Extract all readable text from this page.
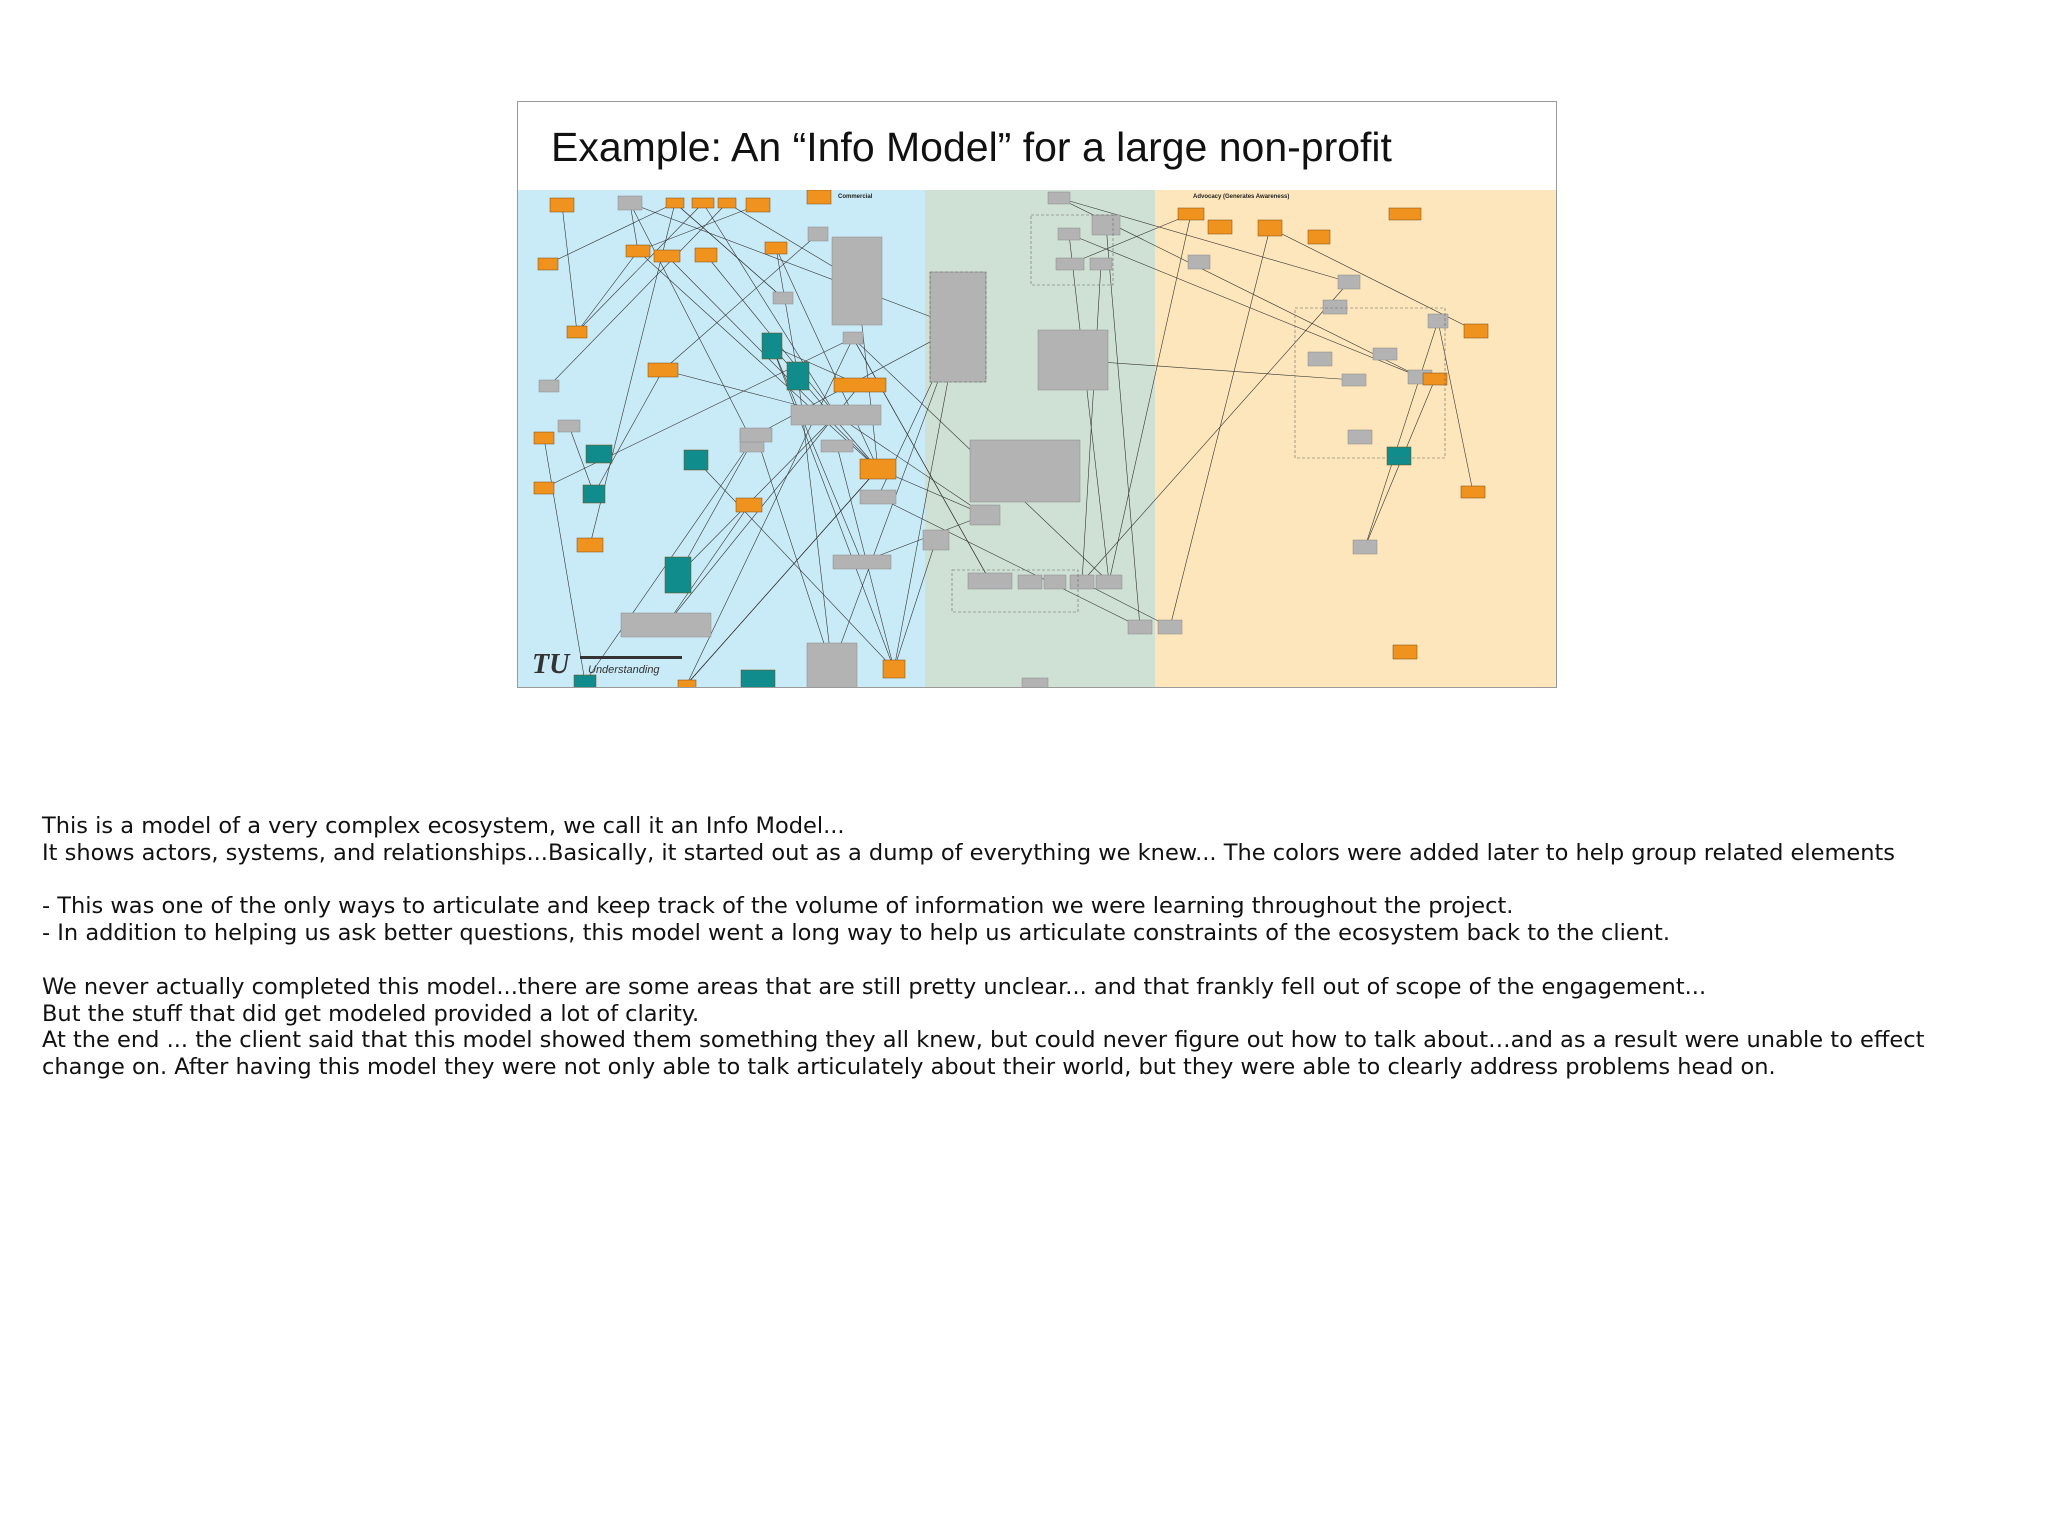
Example: An “Info Model” for a large non-profit
Commercial	Advocacy (Generates Awareness)
TU Understanding

This is a model of a very complex ecosystem, we call it an Info Model...

It shows actors, systems, and relationships...Basically, it started out as a dump of everything we knew... The colors were added later to help group related elements

- This was one of the only ways to articulate and keep track of the volume of information we were learning throughout the project.

- In addition to helping us ask better questions, this model went a long way to help us articulate constraints of the ecosystem back to the client.

We never actually completed this model...there are some areas that are still pretty unclear... and that frankly fell out of scope of the engagement...

But the stuff that did get modeled provided a lot of clarity.

At the end ... the client said that this model showed them something they all knew, but could never figure out how to talk about…and as a result were unable to effect

change on. After having this model they were not only able to talk articulately about their world, but they were able to clearly address problems head on.
